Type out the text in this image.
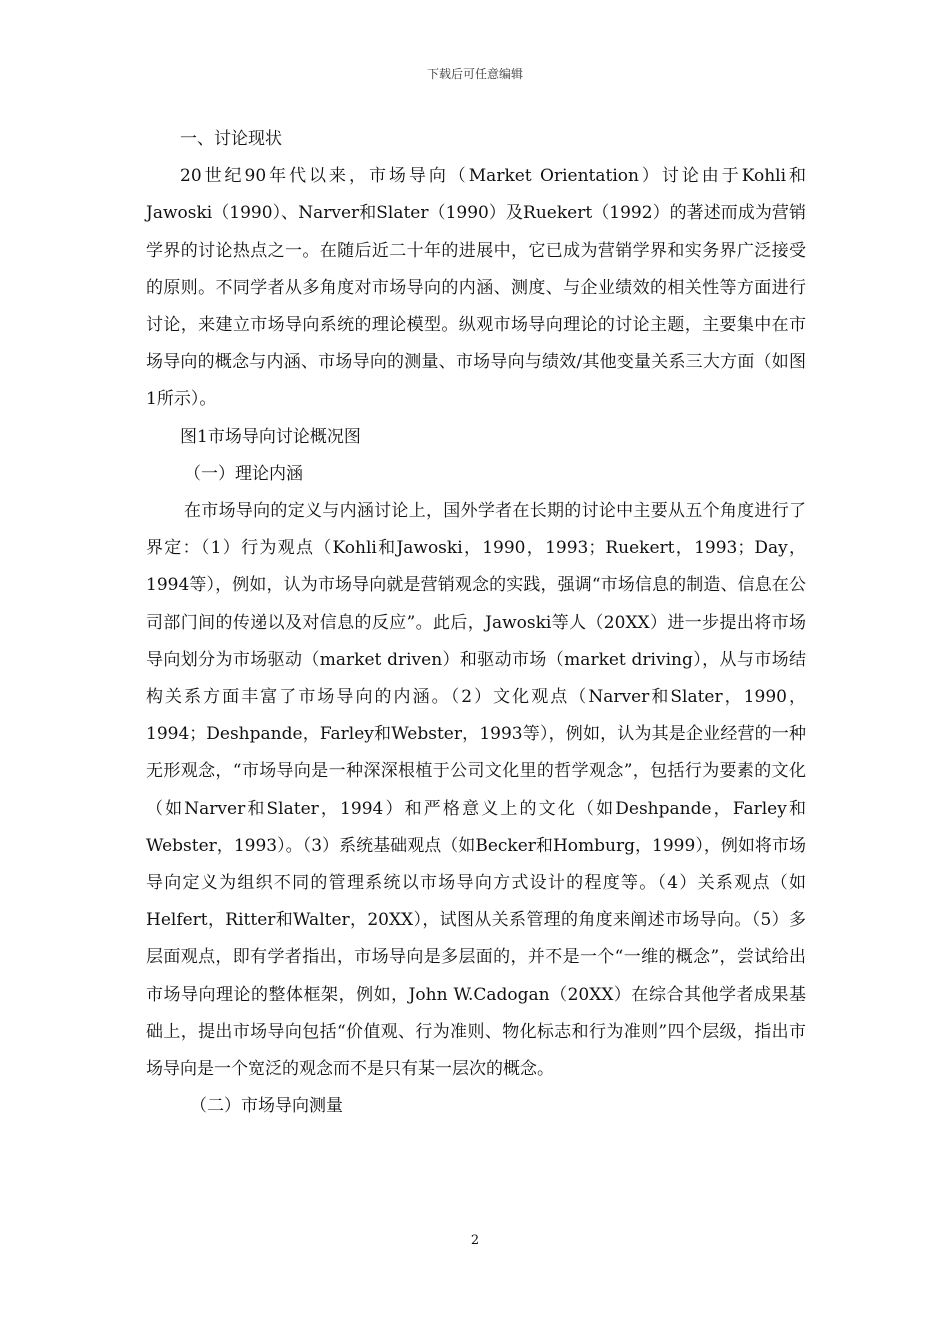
下载后可任意编辑

一、讨论现状

20世纪90年代以来，市场导向（Market Orientation）讨论由于Kohli和Jawoski（1990）、Narver和Slater（1990）及Ruekert（1992）的著述而成为营销学界的讨论热点之一。在随后近二十年的进展中，它已成为营销学界和实务界广泛接受的原则。不同学者从多角度对市场导向的内涵、测度、与企业绩效的相关性等方面进行讨论，来建立市场导向系统的理论模型。纵观市场导向理论的讨论主题，主要集中在市场导向的概念与内涵、市场导向的测量、市场导向与绩效/其他变量关系三大方面（如图1所示）。

图1市场导向讨论概况图

（一）理论内涵

在市场导向的定义与内涵讨论上，国外学者在长期的讨论中主要从五个角度进行了界定：（1）行为观点（Kohli和Jawoski，1990，1993；Ruekert，1993；Day，1994等），例如，认为市场导向就是营销观念的实践，强调“市场信息的制造、信息在公司部门间的传递以及对信息的反应”。此后，Jawoski等人（20XX）进一步提出将市场导向划分为市场驱动（market driven）和驱动市场（market driving），从与市场结构关系方面丰富了市场导向的内涵。（2）文化观点（Narver和Slater，1990，1994；Deshpande，Farley和Webster，1993等），例如，认为其是企业经营的一种无形观念，“市场导向是一种深深根植于公司文化里的哲学观念”，包括行为要素的文化（如Narver和Slater，1994）和严格意义上的文化（如Deshpande，Farley和Webster，1993）。（3）系统基础观点（如Becker和Homburg，1999），例如将市场导向定义为组织不同的管理系统以市场导向方式设计的程度等。（4）关系观点（如Helfert，Ritter和Walter，20XX），试图从关系管理的角度来阐述市场导向。（5）多层面观点，即有学者指出，市场导向是多层面的，并不是一个“一维的概念”，尝试给出市场导向理论的整体框架，例如，John W.Cadogan（20XX）在综合其他学者成果基础上，提出市场导向包括“价值观、行为准则、物化标志和行为准则”四个层级，指出市场导向是一个宽泛的观念而不是只有某一层次的概念。

（二）市场导向测量

2
